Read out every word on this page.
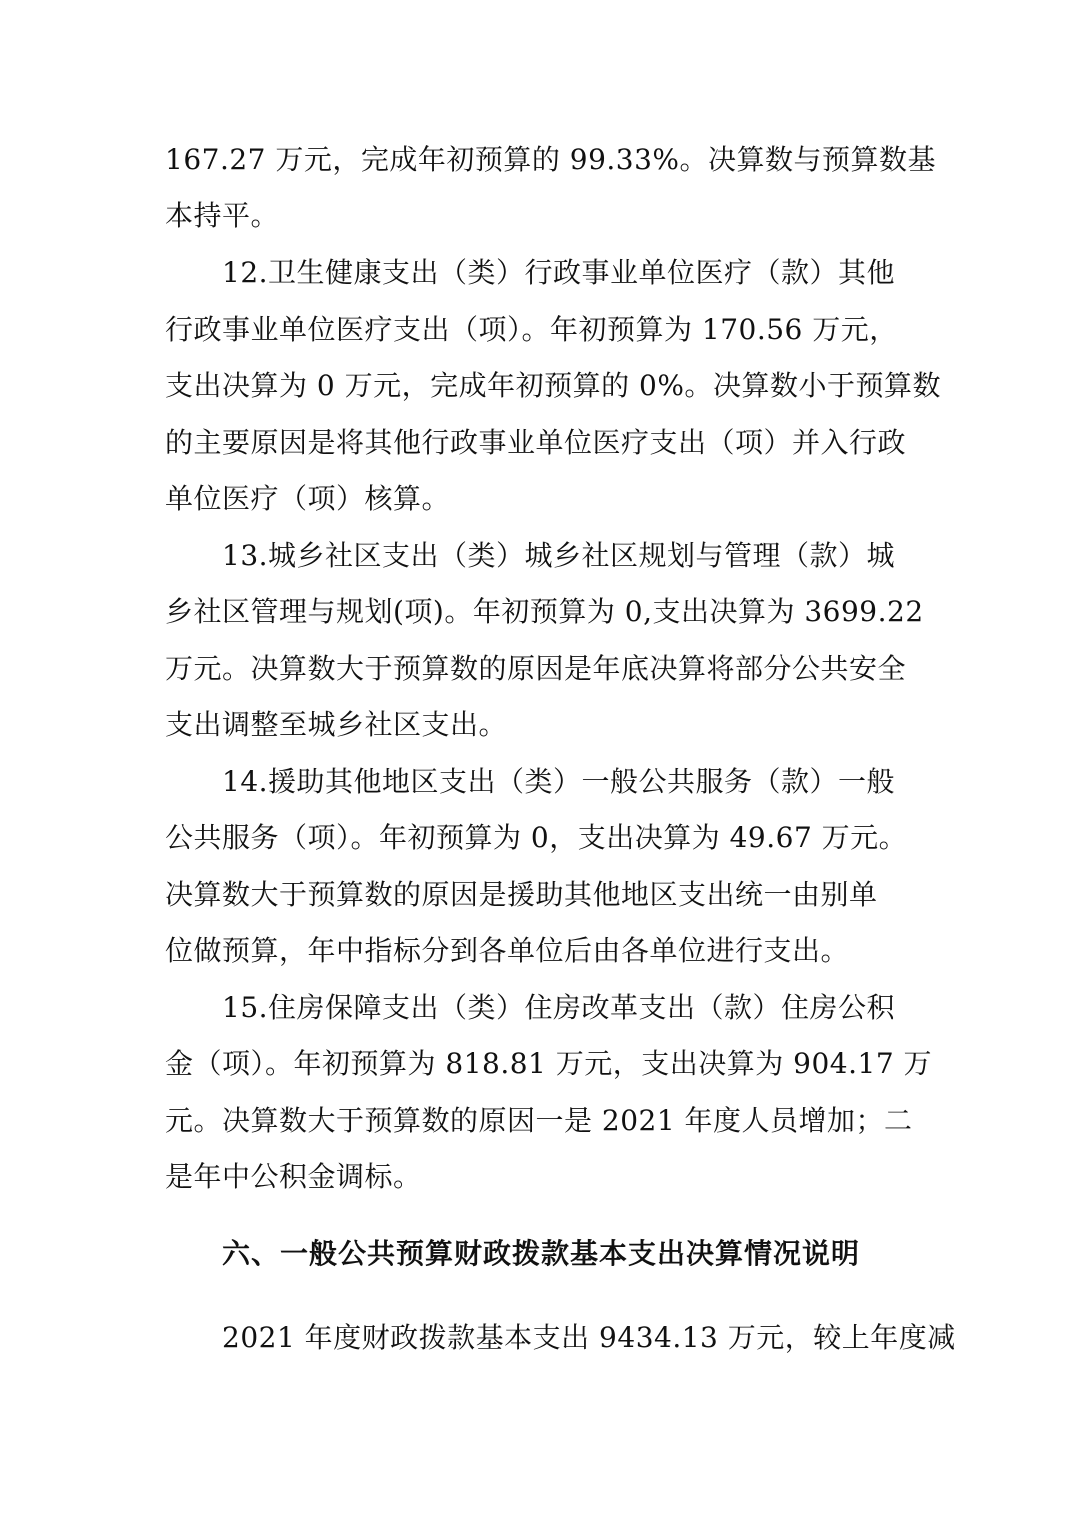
167.27 万元，完成年初预算的 99.33%。决算数与预算数基
本持平。
12.卫生健康支出（类）行政事业单位医疗（款）其他
行政事业单位医疗支出（项）。年初预算为 170.56 万元，
支出决算为 0 万元，完成年初预算的 0%。决算数小于预算数
的主要原因是将其他行政事业单位医疗支出（项）并入行政
单位医疗（项）核算。
13.城乡社区支出（类）城乡社区规划与管理（款）城
乡社区管理与规划(项)。年初预算为 0,支出决算为 3699.22
万元。决算数大于预算数的原因是年底决算将部分公共安全
支出调整至城乡社区支出。
14.援助其他地区支出（类）一般公共服务（款）一般
公共服务（项）。年初预算为 0，支出决算为 49.67 万元。
决算数大于预算数的原因是援助其他地区支出统一由别单
位做预算，年中指标分到各单位后由各单位进行支出。
15.住房保障支出（类）住房改革支出（款）住房公积
金（项）。年初预算为 818.81 万元，支出决算为 904.17 万
元。决算数大于预算数的原因一是 2021 年度人员增加；二
是年中公积金调标。
六、一般公共预算财政拨款基本支出决算情况说明
2021 年度财政拨款基本支出 9434.13 万元，较上年度减
